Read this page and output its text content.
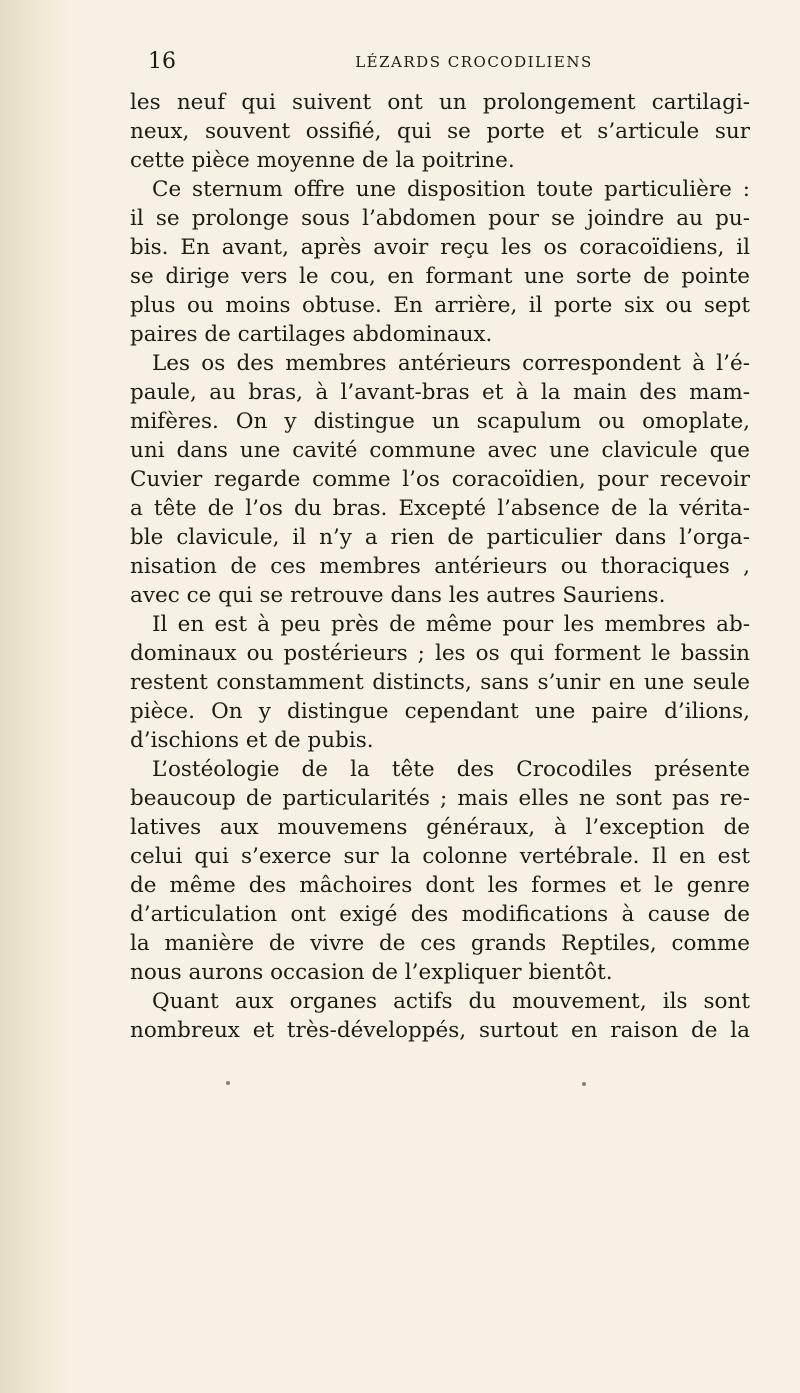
16	LÉZARDS CROCODILIENS
les neuf qui suivent ont un prolongement cartilagi-
neux, souvent ossifié, qui se porte et s’articule sur
cette pièce moyenne de la poitrine.
Ce sternum offre une disposition toute particulière :
il se prolonge sous l’abdomen pour se joindre au pu-
bis. En avant, après avoir reçu les os coracoïdiens, il
se dirige vers le cou, en formant une sorte de pointe
plus ou moins obtuse. En arrière, il porte six ou sept
paires de cartilages abdominaux.
Les os des membres antérieurs correspondent à l’é-
paule, au bras, à l’avant-bras et à la main des mam-
mifères. On y distingue un scapulum ou omoplate,
uni dans une cavité commune avec une clavicule que
Cuvier regarde comme l’os coracoïdien, pour recevoir
a tête de l’os du bras. Excepté l’absence de la vérita-
ble clavicule, il n’y a rien de particulier dans l’orga-
nisation de ces membres antérieurs ou thoraciques ,
avec ce qui se retrouve dans les autres Sauriens.
Il en est à peu près de même pour les membres ab-
dominaux ou postérieurs ; les os qui forment le bassin
restent constamment distincts, sans s’unir en une seule
pièce. On y distingue cependant une paire d’ilions,
d’ischions et de pubis.
L’ostéologie de la tête des Crocodiles présente
beaucoup de particularités ; mais elles ne sont pas re-
latives aux mouvemens généraux, à l’exception de
celui qui s’exerce sur la colonne vertébrale. Il en est
de même des mâchoires dont les formes et le genre
d’articulation ont exigé des modifications à cause de
la manière de vivre de ces grands Reptiles, comme
nous aurons occasion de l’expliquer bientôt.
Quant aux organes actifs du mouvement, ils sont
nombreux et très-développés, surtout en raison de la
